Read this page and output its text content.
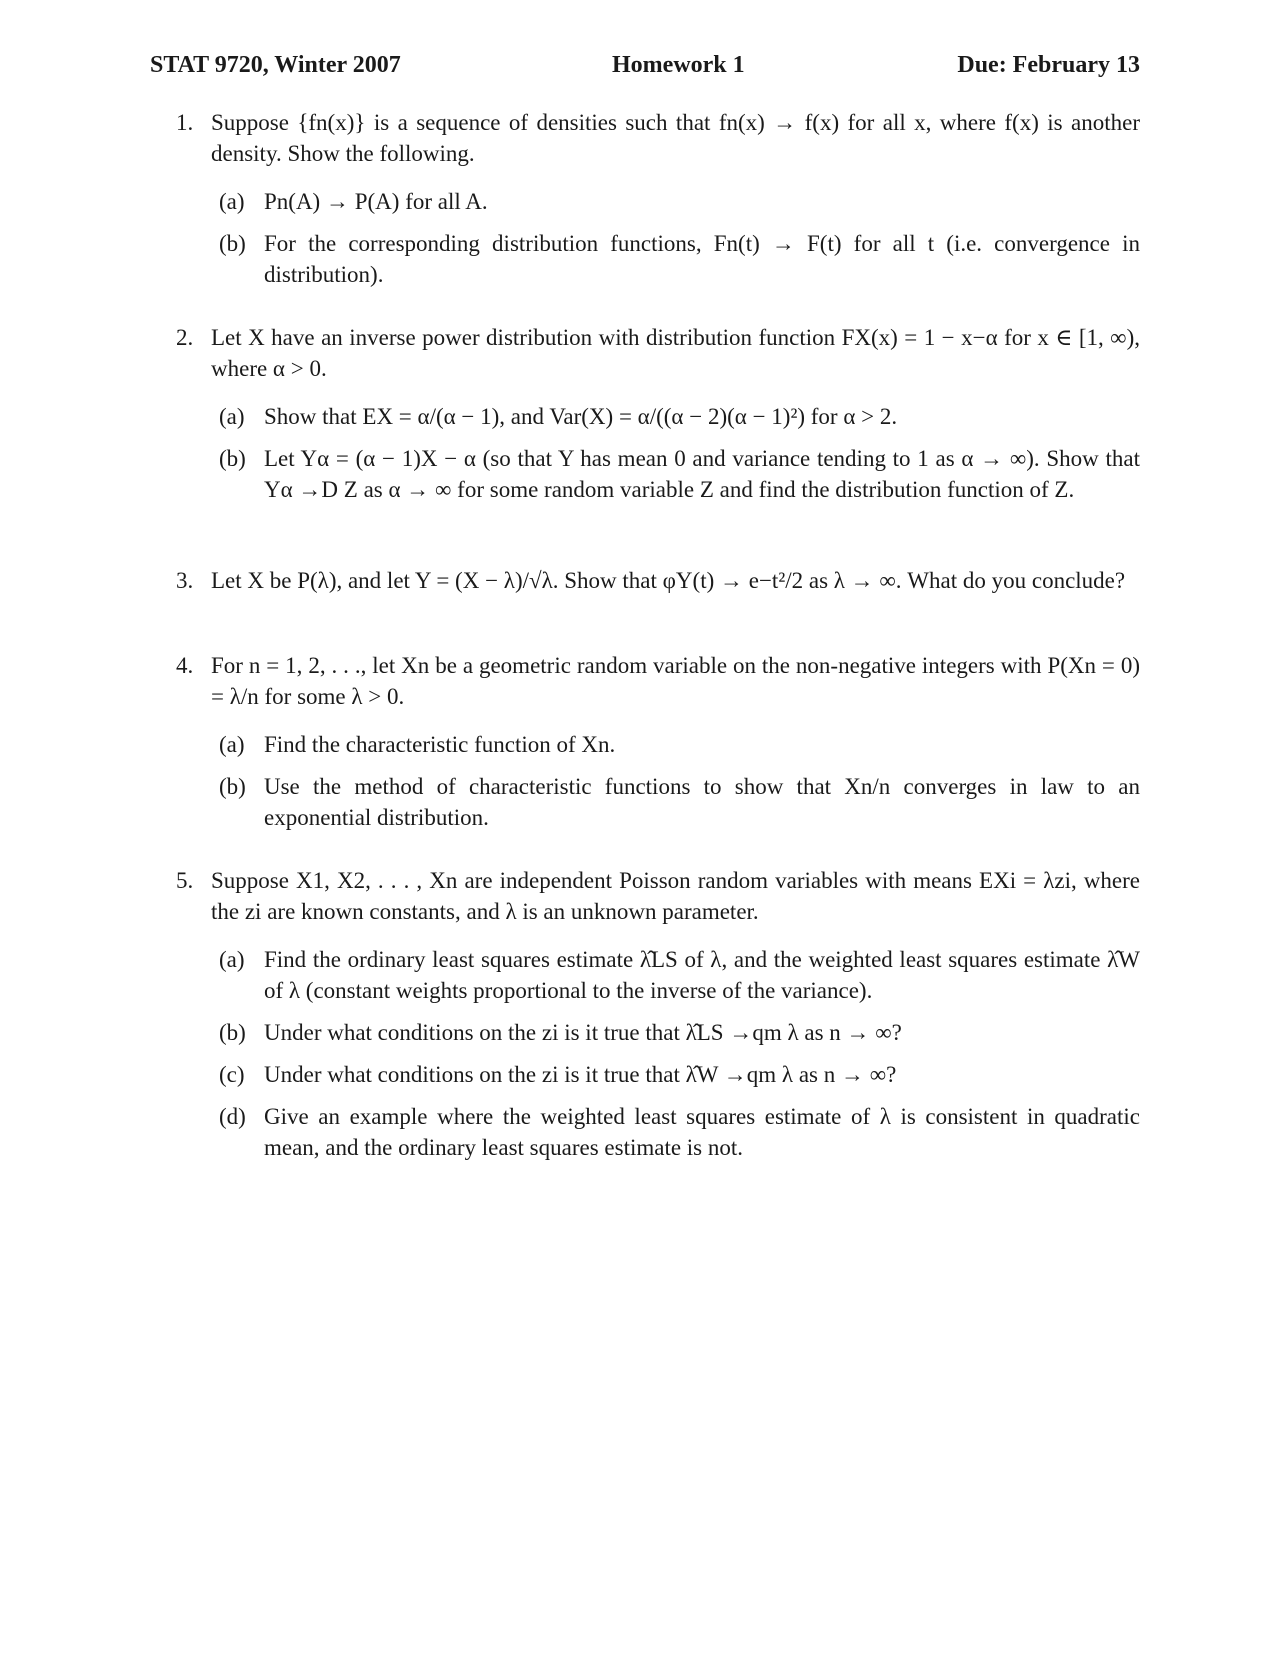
STAT 9720, Winter 2007	Homework 1	Due: February 13
1. Suppose {fn(x)} is a sequence of densities such that fn(x) → f(x) for all x, where f(x) is another density. Show the following.
(a) Pn(A) → P(A) for all A.
(b) For the corresponding distribution functions, Fn(t) → F(t) for all t (i.e. convergence in distribution).
2. Let X have an inverse power distribution with distribution function FX(x) = 1 − x−α for x ∈ [1, ∞), where α > 0.
(a) Show that EX = α/(α − 1), and Var(X) = α/((α − 2)(α − 1)²) for α > 2.
(b) Let Yα = (α − 1)X − α (so that Y has mean 0 and variance tending to 1 as α → ∞). Show that Yα →D Z as α → ∞ for some random variable Z and find the distribution function of Z.
3. Let X be P(λ), and let Y = (X − λ)/√λ. Show that φY(t) → e−t²/2 as λ → ∞. What do you conclude?
4. For n = 1, 2, . . ., let Xn be a geometric random variable on the non-negative integers with P(Xn = 0) = λ/n for some λ > 0.
(a) Find the characteristic function of Xn.
(b) Use the method of characteristic functions to show that Xn/n converges in law to an exponential distribution.
5. Suppose X1, X2, . . . , Xn are independent Poisson random variables with means EXi = λzi, where the zi are known constants, and λ is an unknown parameter.
(a) Find the ordinary least squares estimate λ̂LS of λ, and the weighted least squares estimate λ̂W of λ (constant weights proportional to the inverse of the variance).
(b) Under what conditions on the zi is it true that λ̂LS →qm λ as n → ∞?
(c) Under what conditions on the zi is it true that λ̂W →qm λ as n → ∞?
(d) Give an example where the weighted least squares estimate of λ is consistent in quadratic mean, and the ordinary least squares estimate is not.
